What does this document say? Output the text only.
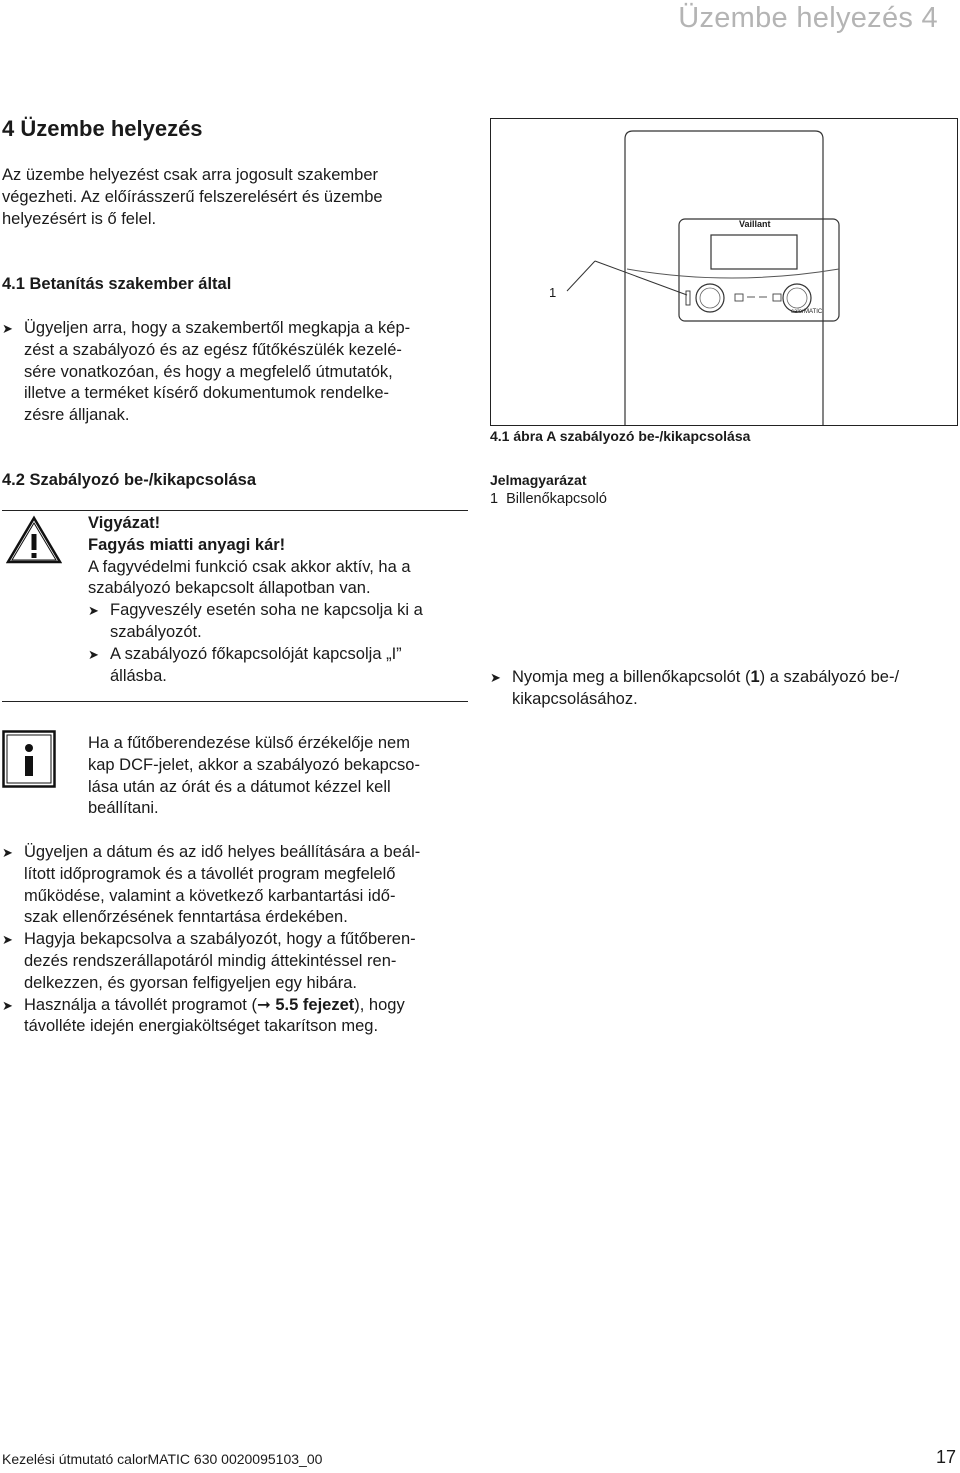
Üzembe helyezés 4
4 Üzembe helyezés
Az üzembe helyezést csak arra jogosult szakember
végezheti. Az előírásszerű felszerelésért és üzembe
helyezésért is ő felel.
4.1 Betanítás szakember által
➤ Ügyeljen arra, hogy a szakembertől megkapja a kép-
zést a szabályozó és az egész fűtőkészülék kezelé-
sére vonatkozóan, és hogy a megfelelő útmutatók,
illetve a terméket kísérő dokumentumok rendelke-
zésre álljanak.
4.2 Szabályozó be-/kikapcsolása
Vigyázat!
Fagyás miatti anyagi kár!
A fagyvédelmi funkció csak akkor aktív, ha a
szabályozó bekapcsolt állapotban van.
➤ Fagyveszély esetén soha ne kapcsolja ki a
szabályozót.
➤ A szabályozó főkapcsolóját kapcsolja „I”
állásba.
Ha a fűtőberendezése külső érzékelője nem
kap DCF-jelet, akkor a szabályozó bekapcso-
lása után az órát és a dátumot kézzel kell
beállítani.
➤ Ügyeljen a dátum és az idő helyes beállítására a beál-
lított időprogramok és a távollét program megfelelő
működése, valamint a következő karbantartási idő-
szak ellenőrzésének fenntartása érdekében.
➤ Hagyja bekapcsolva a szabályozót, hogy a fűtőberen-
dezés rendszerállapotáról mindig áttekintéssel ren-
delkezzen, és gyorsan felfigyeljen egy hibára.
➤ Használja a távollét programot (➞ 5.5 fejezet), hogy
távolléte idején energiaköltséget takarítson meg.
1
Vaillant
calorMATIC
4.1 ábra A szabályozó be-/kikapcsolása
Jelmagyarázat
1 Billenőkapcsoló
➤ Nyomja meg a billenőkapcsolót (1) a szabályozó be-/
kikapcsolásához.
Kezelési útmutató calorMATIC 630 0020095103_00	17
